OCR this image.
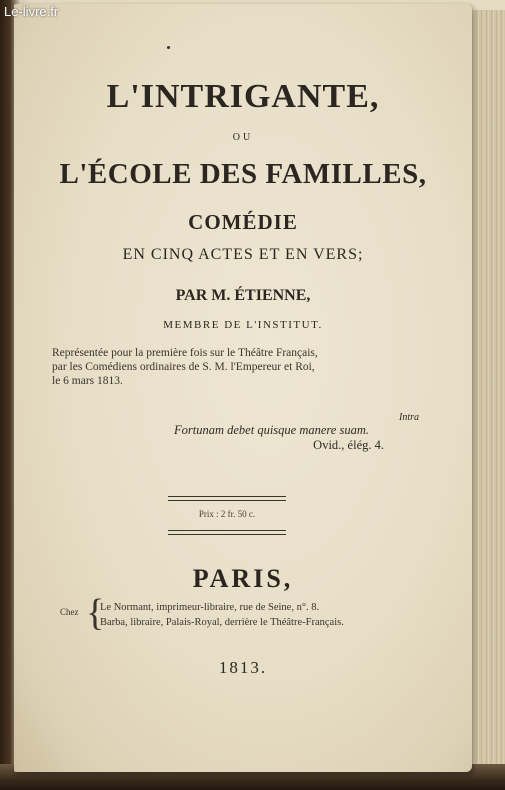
L'INTRIGANTE,
OU
L'ÉCOLE DES FAMILLES,
COMÉDIE
EN CINQ ACTES ET EN VERS;
PAR M. ÉTIENNE,
MEMBRE DE L'INSTITUT.
Représentée pour la première fois sur le Théâtre Français,
par les Comédiens ordinaires de S. M. l'Empereur et Roi,
le 6 mars 1813.
Intra
Fortunam debet quisque manere suam.
Ovid., élég. 4.
Prix : 2 fr. 50 c.
PARIS,
Chez {
Le Normant, imprimeur-libraire, rue de Seine, n°. 8.
Barba, libraire, Palais-Royal, derrière le Théâtre-Français.
1813.
Le-livre.fr
